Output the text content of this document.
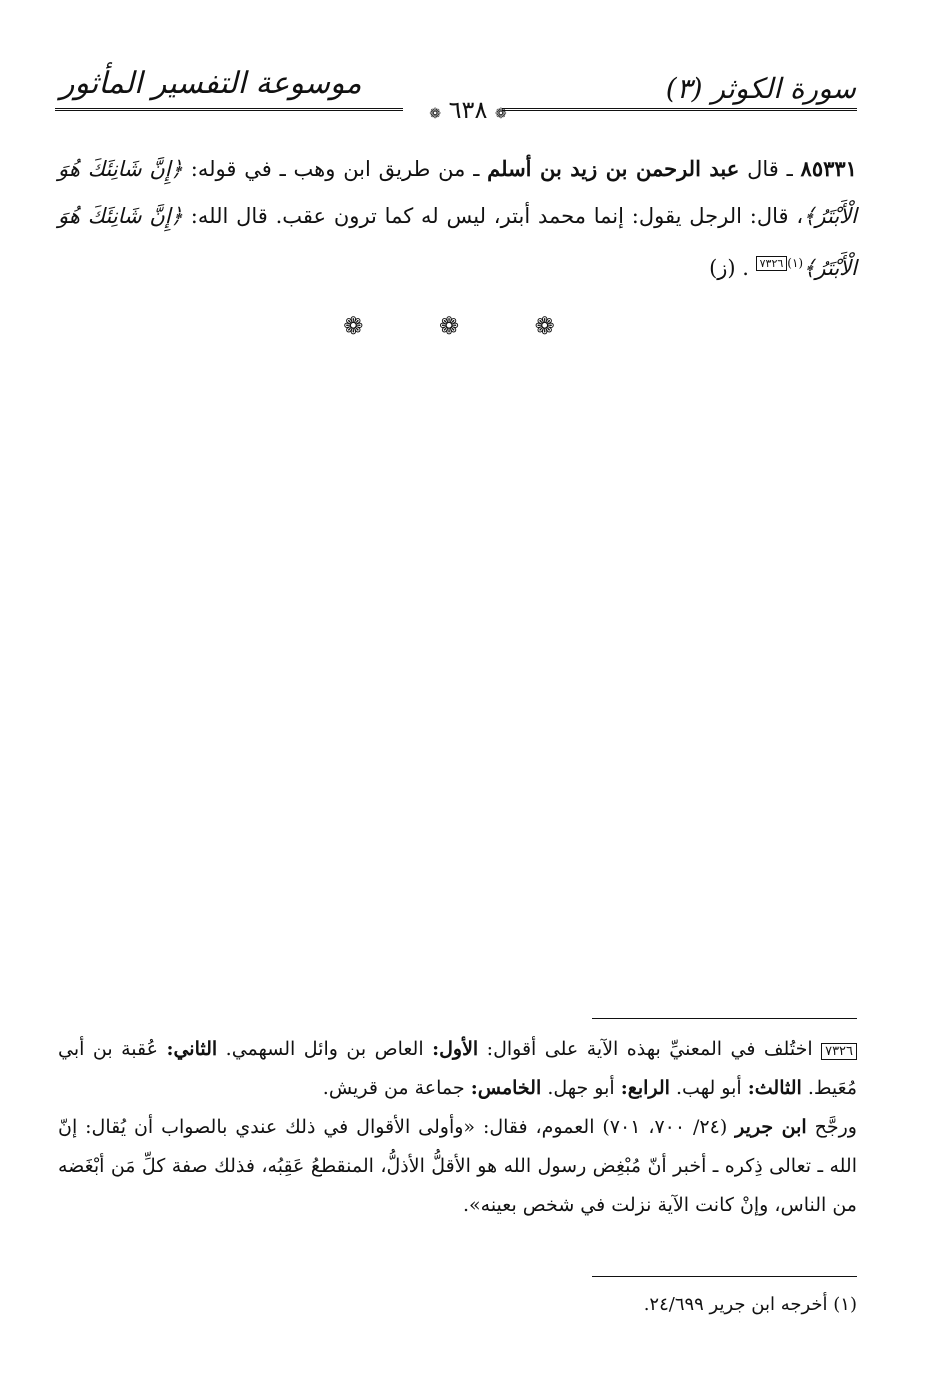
سورة الكوثر (٣)
موسوعة التفسير المأثور
❁ ٦٣٨ ❁
٨٥٣٣١ ـ قال عبد الرحمن بن زيد بن أسلم ـ من طريق ابن وهب ـ في قوله: ﴿إِنَّ شَانِئَكَ هُوَ الْأَبْتَرُ﴾، قال: الرجل يقول: إنما محمد أبتر، ليس له كما ترون عقب. قال الله: ﴿إِنَّ شَانِئَكَ هُوَ الْأَبْتَرُ﴾$^{(١)}$٧٣٢٦ . (ز)
❁ ❁ ❁
٧٣٢٦ اختُلف في المعنيِّ بهذه الآية على أقوال: الأول: العاص بن وائل السهمي. الثاني: عُقبة بن أبي مُعَيط. الثالث: أبو لهب. الرابع: أبو جهل. الخامس: جماعة من قريش.
ورجَّح ابن جرير (٢٤/ ٧٠٠، ٧٠١) العموم، فقال: «وأولى الأقوال في ذلك عندي بالصواب أن يُقال: إنّ الله ـ تعالى ذِكره ـ أخبر أنّ مُبْغِض رسول الله هو الأقلُّ الأذلُّ، المنقطعُ عَقِبُه، فذلك صفة كلِّ مَن أبْغَضه من الناس، وإنْ كانت الآية نزلت في شخص بعينه».
(١) أخرجه ابن جرير ٢٤/٦٩٩.
